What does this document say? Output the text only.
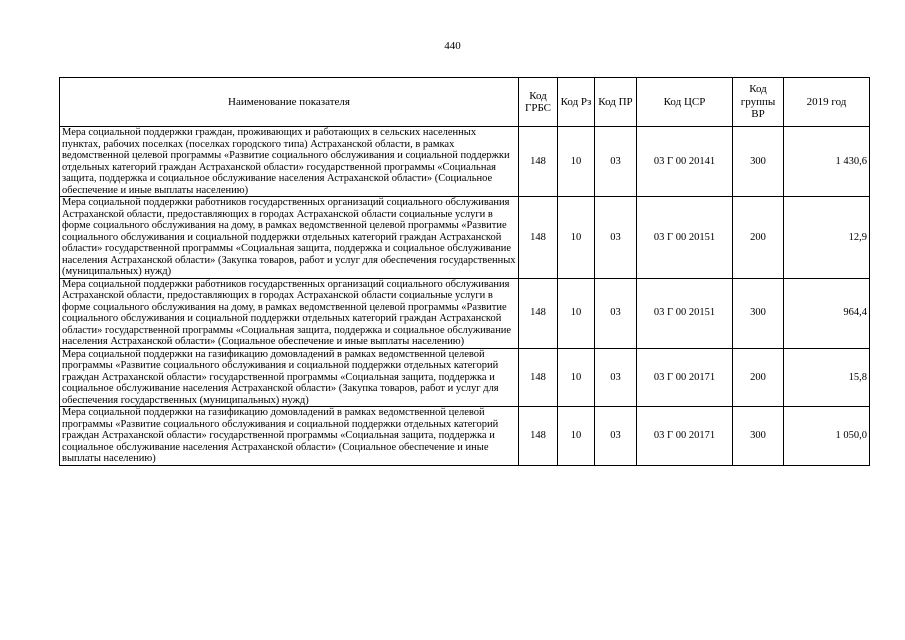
440
Наименование показателя	Код ГРБС	Код Рз	Код ПР	Код ЦСР	Код группы ВР	2019 год
Мера социальной поддержки граждан, проживающих и работающих в сельских населенных пунктах, рабочих поселках (поселках городского типа) Астраханской области, в рамках ведомственной целевой программы «Развитие социального обслуживания и социальной поддержки отдельных категорий граждан Астраханской области» государственной программы «Социальная защита, поддержка и социальное обслуживание населения Астраханской области» (Социальное обеспечение и иные выплаты населению)	148	10	03	03 Г 00 20141	300	1 430,6
Мера социальной поддержки работников государственных организаций социального обслуживания Астраханской области, предоставляющих в городах Астраханской области социальные услуги в форме социального обслуживания на дому, в рамках ведомственной целевой программы «Развитие социального обслуживания и социальной поддержки отдельных категорий граждан Астраханской области» государственной программы «Социальная защита, поддержка и социальное обслуживание населения Астраханской области» (Закупка товаров, работ и услуг для обеспечения государственных (муниципальных) нужд)	148	10	03	03 Г 00 20151	200	12,9
Мера социальной поддержки работников государственных организаций социального обслуживания Астраханской области, предоставляющих в городах Астраханской области социальные услуги в форме социального обслуживания на дому, в рамках ведомственной целевой программы «Развитие социального обслуживания и социальной поддержки отдельных категорий граждан Астраханской области» государственной программы «Социальная защита, поддержка и социальное обслуживание населения Астраханской области» (Социальное обеспечение и иные выплаты населению)	148	10	03	03 Г 00 20151	300	964,4
Мера социальной поддержки на газификацию домовладений в рамках ведомственной целевой программы «Развитие социального обслуживания и социальной поддержки отдельных категорий граждан Астраханской области» государственной программы «Социальная защита, поддержка и социальное обслуживание населения Астраханской области» (Закупка товаров, работ и услуг для обеспечения государственных (муниципальных) нужд)	148	10	03	03 Г 00 20171	200	15,8
Мера социальной поддержки на газификацию домовладений в рамках ведомственной целевой программы «Развитие социального обслуживания и социальной поддержки отдельных категорий граждан Астраханской области» государственной программы «Социальная защита, поддержка и социальное обслуживание населения Астраханской области» (Социальное обеспечение и иные выплаты населению)	148	10	03	03 Г 00 20171	300	1 050,0
